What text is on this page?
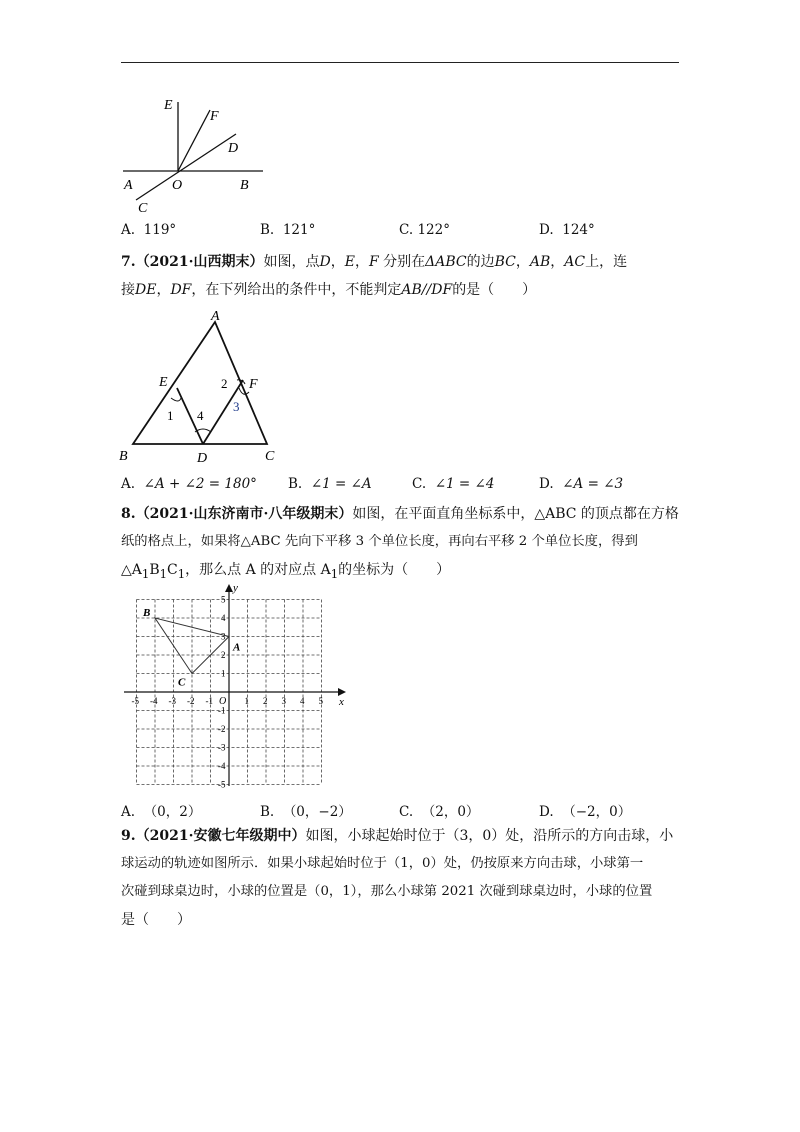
E
F
D
A	O	B
C
A. 119°	B. 121°	C. 122°	D. 124°
7.（2021·山西期末）如图，点D，E，F 分别在ΔABC的边BC，AB，AC上，连
接DE，DF，在下列给出的条件中，不能判定AB//DF的是（　　）
A
B	C
D
E	F
1
2
3
4
A. ∠A + ∠2 = 180° B. ∠1 = ∠A	C. ∠1 = ∠4	D. ∠A = ∠3
8.（2021·山东济南市·八年级期末）如图，在平面直角坐标系中，△ABC 的顶点都在方格
纸的格点上，如果将△ABC 先向下平移 3 个单位长度，再向右平移 2 个单位长度，得到
$\triangle A_1B_1C_1$，那么点 A 的对应点 $A_1$的坐标为（　　）
x
y
O
-5 -4 -3 -2 -1	1 2 3 4 5
5
4
3
2
1
-1
-2
-3
-4
-5
A
B
C
A. （0，2）	B. （0，−2）	C. （2，0）	D. （−2，0）
9.（2021·安徽七年级期中）如图，小球起始时位于（3，0）处，沿所示的方向击球，小
球运动的轨迹如图所示．如果小球起始时位于（1，0）处，仍按原来方向击球，小球第一
次碰到球桌边时，小球的位置是（0，1），那么小球第 2021 次碰到球桌边时，小球的位置
是（　　）
